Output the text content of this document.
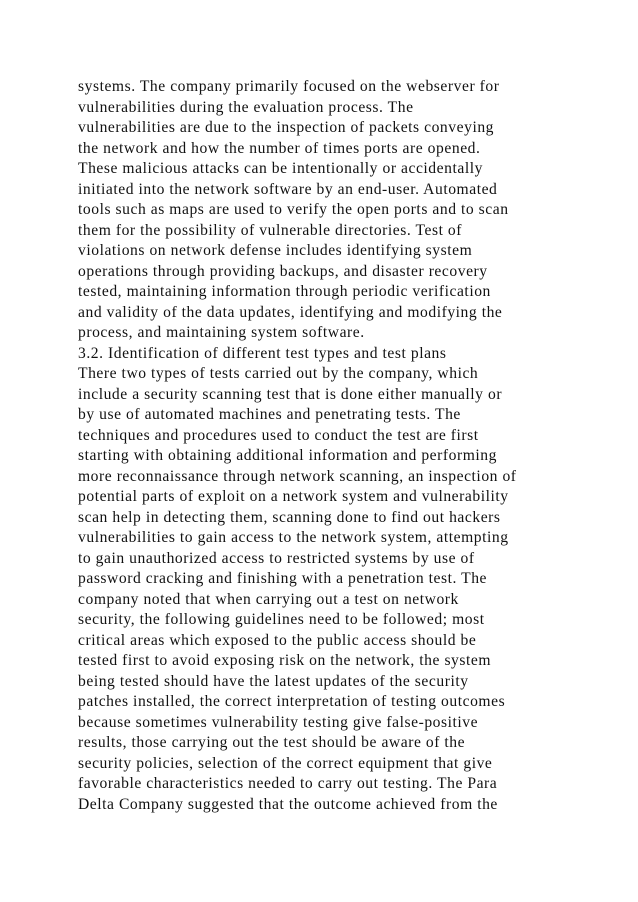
systems. The company primarily focused on the webserver for
vulnerabilities during the evaluation process. The
vulnerabilities are due to the inspection of packets conveying
the network and how the number of times ports are opened.
These malicious attacks can be intentionally or accidentally
initiated into the network software by an end-user. Automated
tools such as maps are used to verify the open ports and to scan
them for the possibility of vulnerable directories. Test of
violations on network defense includes identifying system
operations through providing backups, and disaster recovery
tested, maintaining information through periodic verification
and validity of the data updates, identifying and modifying the
process, and maintaining system software.
3.2. Identification of different test types and test plans
There two types of tests carried out by the company, which
include a security scanning test that is done either manually or
by use of automated machines and penetrating tests. The
techniques and procedures used to conduct the test are first
starting with obtaining additional information and performing
more reconnaissance through network scanning, an inspection of
potential parts of exploit on a network system and vulnerability
scan help in detecting them, scanning done to find out hackers
vulnerabilities to gain access to the network system, attempting
to gain unauthorized access to restricted systems by use of
password cracking and finishing with a penetration test. The
company noted that when carrying out a test on network
security, the following guidelines need to be followed; most
critical areas which exposed to the public access should be
tested first to avoid exposing risk on the network, the system
being tested should have the latest updates of the security
patches installed, the correct interpretation of testing outcomes
because sometimes vulnerability testing give false-positive
results, those carrying out the test should be aware of the
security policies, selection of the correct equipment that give
favorable characteristics needed to carry out testing. The Para
Delta Company suggested that the outcome achieved from the
